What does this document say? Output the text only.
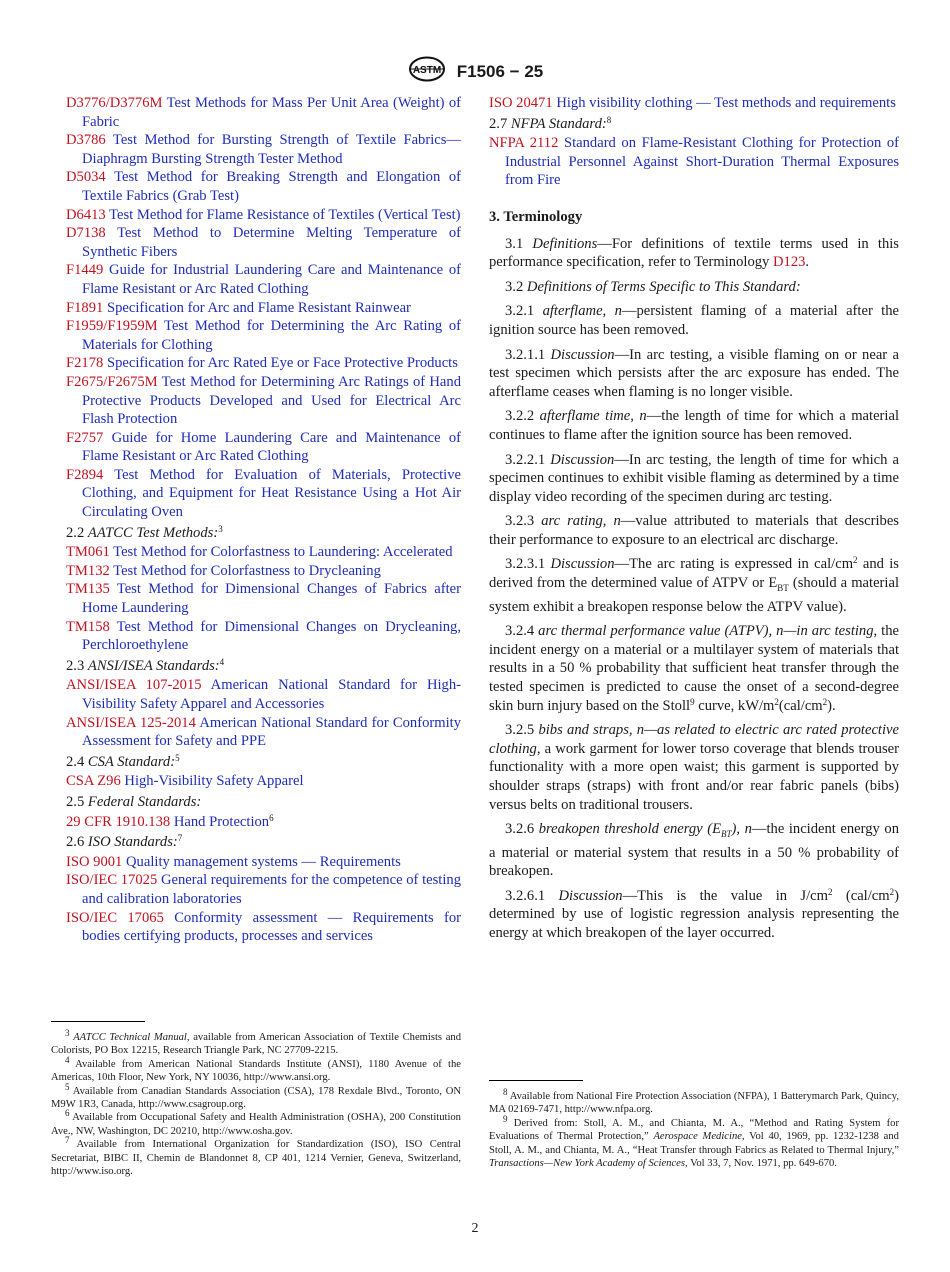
ASTM F1506 − 25

D3776/D3776M Test Methods for Mass Per Unit Area (Weight) of Fabric

D3786 Test Method for Bursting Strength of Textile Fabrics—Diaphragm Bursting Strength Tester Method

D5034 Test Method for Breaking Strength and Elongation of Textile Fabrics (Grab Test)

D6413 Test Method for Flame Resistance of Textiles (Vertical Test)

D7138 Test Method to Determine Melting Temperature of Synthetic Fibers

F1449 Guide for Industrial Laundering Care and Maintenance of Flame Resistant or Arc Rated Clothing

F1891 Specification for Arc and Flame Resistant Rainwear

F1959/F1959M Test Method for Determining the Arc Rating of Materials for Clothing

F2178 Specification for Arc Rated Eye or Face Protective Products

F2675/F2675M Test Method for Determining Arc Ratings of Hand Protective Products Developed and Used for Electrical Arc Flash Protection

F2757 Guide for Home Laundering Care and Maintenance of Flame Resistant or Arc Rated Clothing

F2894 Test Method for Evaluation of Materials, Protective Clothing, and Equipment for Heat Resistance Using a Hot Air Circulating Oven

2.2 AATCC Test Methods:$^3$

TM061 Test Method for Colorfastness to Laundering: Accelerated

TM132 Test Method for Colorfastness to Drycleaning

TM135 Test Method for Dimensional Changes of Fabrics after Home Laundering

TM158 Test Method for Dimensional Changes on Drycleaning, Perchloroethylene

2.3 ANSI/ISEA Standards:$^4$

ANSI/ISEA 107-2015 American National Standard for High-Visibility Safety Apparel and Accessories

ANSI/ISEA 125-2014 American National Standard for Conformity Assessment for Safety and PPE

2.4 CSA Standard:$^5$

CSA Z96 High-Visibility Safety Apparel

2.5 Federal Standards:

29 CFR 1910.138 Hand Protection$^6$

2.6 ISO Standards:$^7$

ISO 9001 Quality management systems — Requirements

ISO/IEC 17025 General requirements for the competence of testing and calibration laboratories

ISO/IEC 17065 Conformity assessment — Requirements for bodies certifying products, processes and services

ISO 20471 High visibility clothing — Test methods and requirements

2.7 NFPA Standard:$^8$

NFPA 2112 Standard on Flame-Resistant Clothing for Protection of Industrial Personnel Against Short-Duration Thermal Exposures from Fire

3. Terminology

3.1 Definitions—For definitions of textile terms used in this performance specification, refer to Terminology D123.

3.2 Definitions of Terms Specific to This Standard:

3.2.1 afterflame, n—persistent flaming of a material after the ignition source has been removed.

3.2.1.1 Discussion—In arc testing, a visible flaming on or near a test specimen which persists after the arc exposure has ended. The afterflame ceases when flaming is no longer visible.

3.2.2 afterflame time, n—the length of time for which a material continues to flame after the ignition source has been removed.

3.2.2.1 Discussion—In arc testing, the length of time for which a specimen continues to exhibit visible flaming as determined by a time display video recording of the specimen during arc testing.

3.2.3 arc rating, n—value attributed to materials that describes their performance to exposure to an electrical arc discharge.

3.2.3.1 Discussion—The arc rating is expressed in cal/$cm^2$ and is derived from the determined value of ATPV or $E_{BT}$ (should a material system exhibit a breakopen response below the ATPV value).

3.2.4 arc thermal performance value (ATPV), n—in arc testing, the incident energy on a material or a multilayer system of materials that results in a 50 % probability that sufficient heat transfer through the tested specimen is predicted to cause the onset of a second-degree skin burn injury based on the Stoll$^9$ curve, $kW/m^2(cal/cm^2)$.

3.2.5 bibs and straps, n—as related to electric arc rated protective clothing, a work garment for lower torso coverage that blends trouser functionality with a more open waist; this garment is supported by shoulder straps (straps) with front and/or rear fabric panels (bibs) versus belts on traditional trousers.

3.2.6 breakopen threshold energy $(E_{BT})$, n—the incident energy on a material or material system that results in a 50 % probability of breakopen.

3.2.6.1 Discussion—This is the value in $J/cm^2$ $(cal/cm^2)$ determined by use of logistic regression analysis representing the energy at which breakopen of the layer occurred.

$^3$ AATCC Technical Manual, available from American Association of Textile Chemists and Colorists, PO Box 12215, Research Triangle Park, NC 27709-2215.

$^4$ Available from American National Standards Institute (ANSI), 1180 Avenue of the Americas, 10th Floor, New York, NY 10036, http://www.ansi.org.

$^5$ Available from Canadian Standards Association (CSA), 178 Rexdale Blvd., Toronto, ON M9W 1R3, Canada, http://www.csagroup.org.

$^6$ Available from Occupational Safety and Health Administration (OSHA), 200 Constitution Ave., NW, Washington, DC 20210, http://www.osha.gov.

$^7$ Available from International Organization for Standardization (ISO), ISO Central Secretariat, BIBC II, Chemin de Blandonnet 8, CP 401, 1214 Vernier, Geneva, Switzerland, http://www.iso.org.

$^8$ Available from National Fire Protection Association (NFPA), 1 Batterymarch Park, Quincy, MA 02169-7471, http://www.nfpa.org.

$^9$ Derived from: Stoll, A. M., and Chianta, M. A., “Method and Rating System for Evaluations of Thermal Protection,” Aerospace Medicine, Vol 40, 1969, pp. 1232-1238 and Stoll, A. M., and Chianta, M. A., “Heat Transfer through Fabrics as Related to Thermal Injury,” Transactions—New York Academy of Sciences, Vol 33, 7, Nov. 1971, pp. 649-670.

2
